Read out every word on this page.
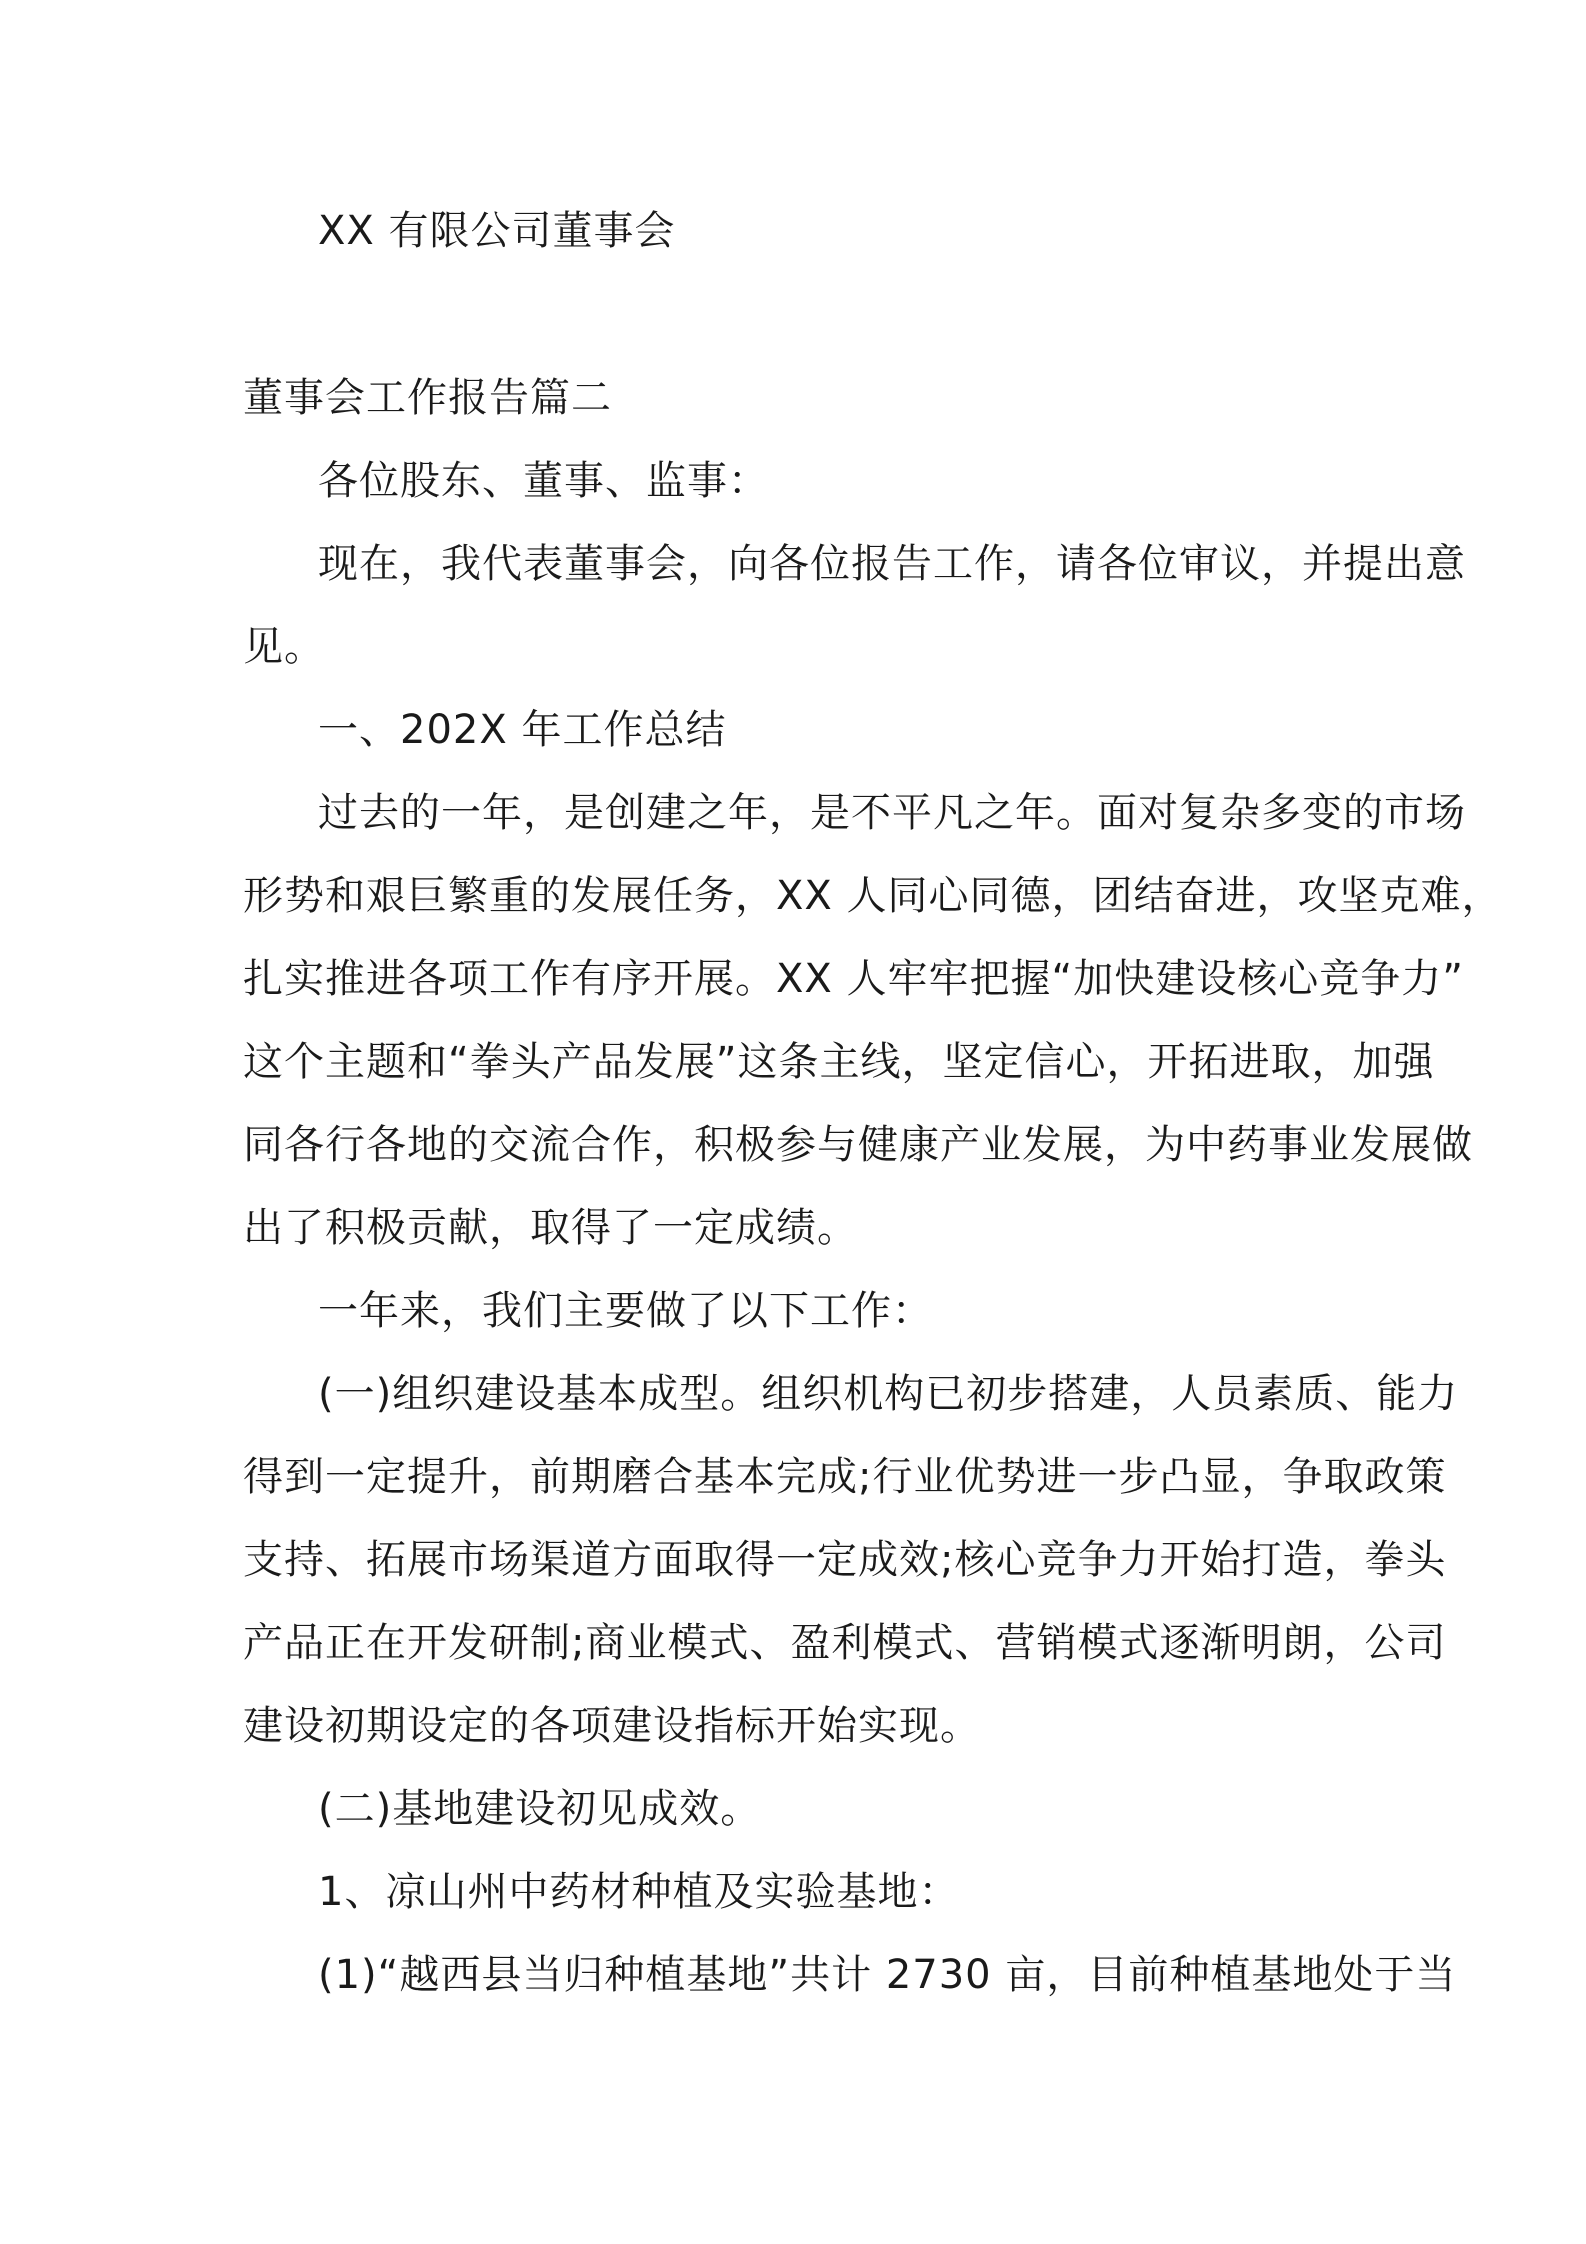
XX 有限公司董事会

董事会工作报告篇二
各位股东、董事、监事：
现在，我代表董事会，向各位报告工作，请各位审议，并提出意
见。
一、202X 年工作总结
过去的一年，是创建之年，是不平凡之年。面对复杂多变的市场
形势和艰巨繁重的发展任务，XX 人同心同德，团结奋进，攻坚克难，
扎实推进各项工作有序开展。XX 人牢牢把握“加快建设核心竞争力”
这个主题和“拳头产品发展”这条主线，坚定信心，开拓进取，加强
同各行各地的交流合作，积极参与健康产业发展，为中药事业发展做
出了积极贡献，取得了一定成绩。
一年来，我们主要做了以下工作：
(一)组织建设基本成型。组织机构已初步搭建，人员素质、能力
得到一定提升，前期磨合基本完成;行业优势进一步凸显，争取政策
支持、拓展市场渠道方面取得一定成效;核心竞争力开始打造，拳头
产品正在开发研制;商业模式、盈利模式、营销模式逐渐明朗，公司
建设初期设定的各项建设指标开始实现。
(二)基地建设初见成效。
1、凉山州中药材种植及实验基地：
(1)“越西县当归种植基地”共计 2730 亩，目前种植基地处于当
